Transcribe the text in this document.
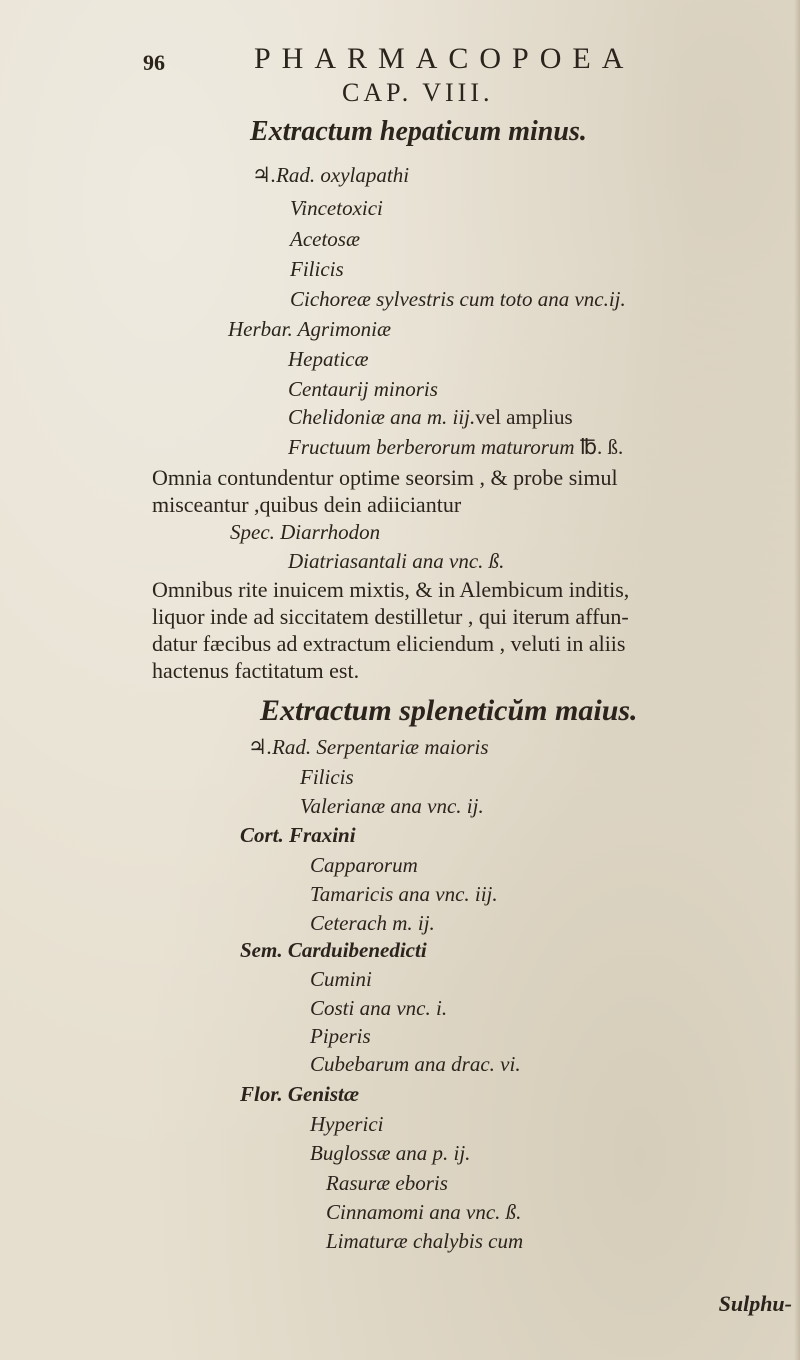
96	PHARMACOPOEA
CAP. VIII.
Extractum hepaticum minus.
♃.Rad. oxylapathi
Vincetoxici
Acetosæ
Filicis
Cichoreæ sylvestris cum toto ana vnc.ij.
Herbar. Agrimoniæ
Hepaticæ
Centaurij minoris
Chelidoniæ ana m. iij.vel amplius
Fructuum berberorum maturorum ℔. ß.
Omnia contundentur optime seorsim , & probe simul
misceantur ,quibus dein adiiciantur
Spec. Diarrhodon
Diatriasantali ana vnc. ß.
Omnibus rite inuicem mixtis, & in Alembicum inditis,
liquor inde ad siccitatem destilletur , qui iterum affun-
datur fæcibus ad extractum eliciendum , veluti in aliis
hactenus factitatum est.
Extractum spleneticŭm maius.
♃.Rad. Serpentariæ maioris
Filicis
Valerianæ ana vnc. ij.
Cort. Fraxini
Capparorum
Tamaricis ana vnc. iij.
Ceterach m. ij.
Sem. Carduibenedicti
Cumini
Costi ana vnc. i.
Piperis
Cubebarum ana drac. vi.
Flor. Genistæ
Hyperici
Buglossæ ana p. ij.
Rasuræ eboris
Cinnamomi ana vnc. ß.
Limaturæ chalybis cum
Sulphu-
